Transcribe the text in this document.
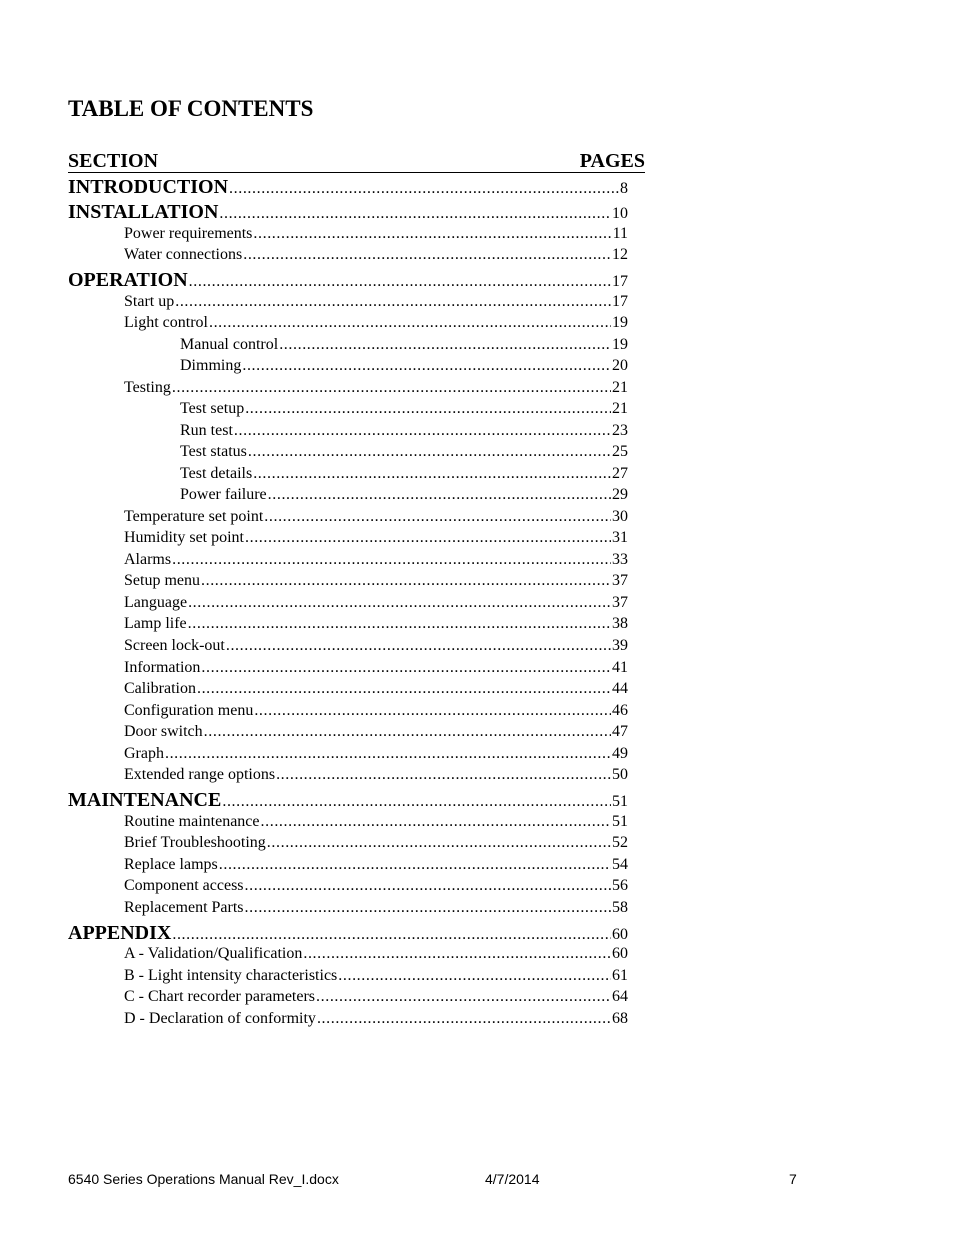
TABLE OF CONTENTS
SECTION	PAGES
INTRODUCTION .....	8
INSTALLATION .....	10
Power requirements .....	11
Water connections .....	12
OPERATION .....	17
Start up .....	17
Light control .....	19
Manual control .....	19
Dimming .....	20
Testing .....	21
Test setup .....	21
Run test .....	23
Test status .....	25
Test details .....	27
Power failure .....	29
Temperature set point .....	30
Humidity set point .....	31
Alarms .....	33
Setup menu .....	37
Language .....	37
Lamp life .....	38
Screen lock-out .....	39
Information .....	41
Calibration .....	44
Configuration menu .....	46
Door switch .....	47
Graph .....	49
Extended range options .....	50
MAINTENANCE .....	51
Routine maintenance .....	51
Brief Troubleshooting .....	52
Replace lamps .....	54
Component access .....	56
Replacement Parts .....	58
APPENDIX .....	60
A - Validation/Qualification .....	60
B - Light intensity characteristics .....	61
C - Chart recorder parameters .....	64
D - Declaration of conformity .....	68
6540 Series Operations Manual Rev_I.docx	4/7/2014	7
